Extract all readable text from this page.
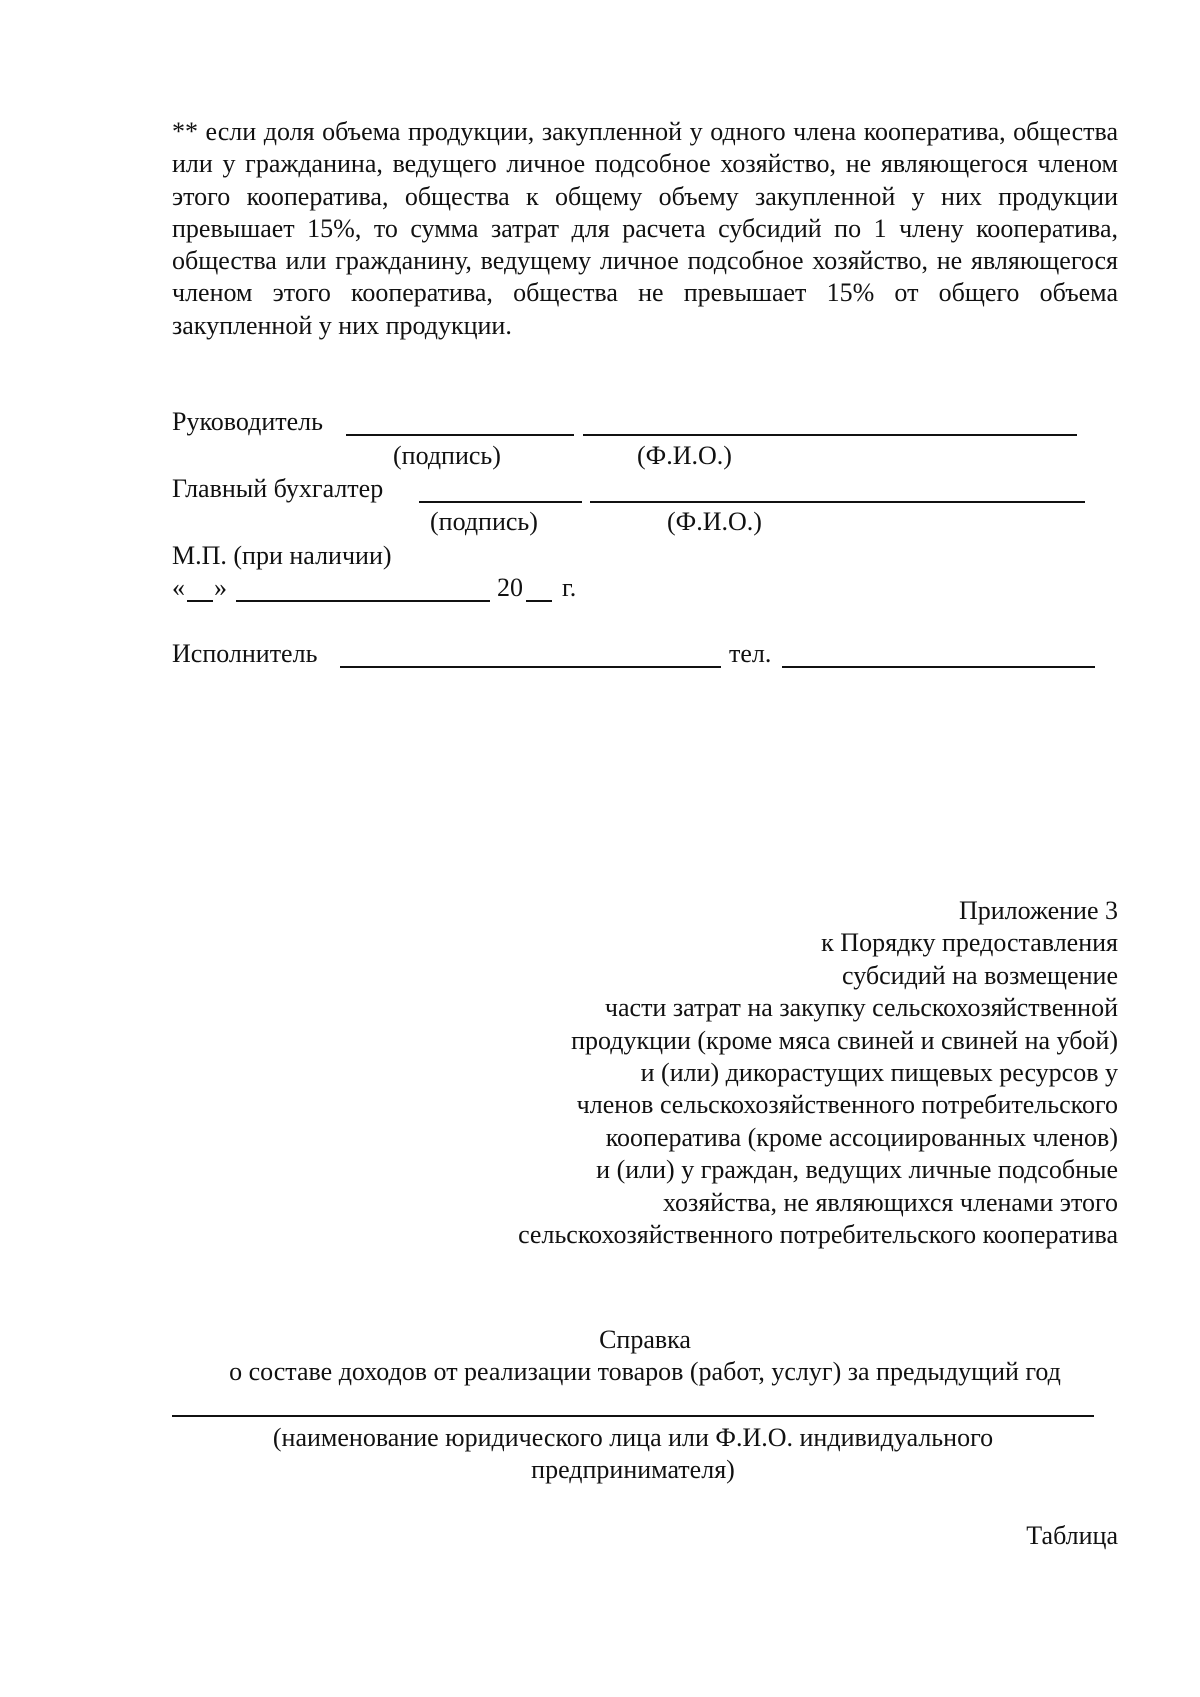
** если доля объема продукции, закупленной у одного члена кооператива, общества или у гражданина, ведущего личное подсобное хозяйство, не являющегося членом этого кооператива, общества к общему объему закупленной у них продукции превышает 15%, то сумма затрат для расчета субсидий по 1 члену кооператива, общества или гражданину, ведущему личное подсобное хозяйство, не являющегося членом этого кооператива, общества не превышает 15% от общего объема закупленной у них продукции.

Руководитель
(подпись)	(Ф.И.О.)
Главный бухгалтер
(подпись)	(Ф.И.О.)
М.П. (при наличии)
« »	20 г.
Исполнитель	тел.
Приложение 3
к Порядку предоставления
субсидий на возмещение
части затрат на закупку сельскохозяйственной
продукции (кроме мяса свиней и свиней на убой)
и (или) дикорастущих пищевых ресурсов у
членов сельскохозяйственного потребительского
кооператива (кроме ассоциированных членов)
и (или) у граждан, ведущих личные подсобные
хозяйства, не являющихся членами этого
сельскохозяйственного потребительского кооператива
Справка
о составе доходов от реализации товаров (работ, услуг) за предыдущий год
(наименование юридического лица или Ф.И.О. индивидуального
предпринимателя)
Таблица
